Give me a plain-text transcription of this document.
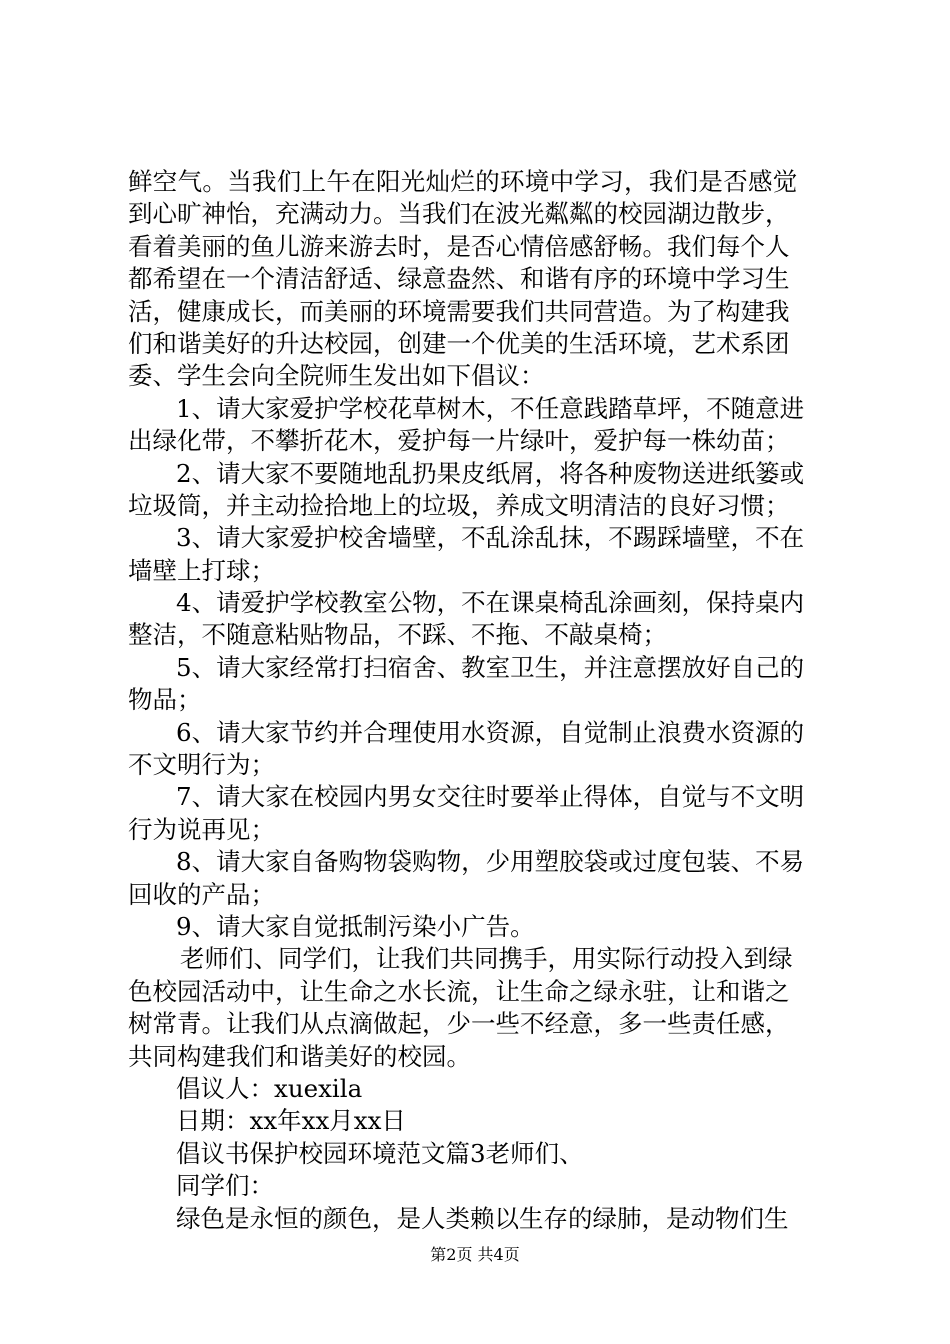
鲜空气。当我们上午在阳光灿烂的环境中学习，我们是否感觉
到心旷神怡，充满动力。当我们在波光粼粼的校园湖边散步，
看着美丽的鱼儿游来游去时，是否心情倍感舒畅。我们每个人
都希望在一个清洁舒适、绿意盎然、和谐有序的环境中学习生
活，健康成长，而美丽的环境需要我们共同营造。为了构建我
们和谐美好的升达校园，创建一个优美的生活环境，艺术系团
委、学生会向全院师生发出如下倡议：
1、请大家爱护学校花草树木，不任意践踏草坪，不随意进
出绿化带，不攀折花木，爱护每一片绿叶，爱护每一株幼苗；
2、请大家不要随地乱扔果皮纸屑，将各种废物送进纸篓或
垃圾筒，并主动捡拾地上的垃圾，养成文明清洁的良好习惯；
3、请大家爱护校舍墙壁，不乱涂乱抹，不踢踩墙壁，不在
墙壁上打球；
4、请爱护学校教室公物，不在课桌椅乱涂画刻，保持桌内
整洁，不随意粘贴物品，不踩、不拖、不敲桌椅；
5、请大家经常打扫宿舍、教室卫生，并注意摆放好自己的
物品；
6、请大家节约并合理使用水资源，自觉制止浪费水资源的
不文明行为；
7、请大家在校园内男女交往时要举止得体，自觉与不文明
行为说再见；
8、请大家自备购物袋购物，少用塑胶袋或过度包装、不易
回收的产品；
9、请大家自觉抵制污染小广告。
老师们、同学们，让我们共同携手，用实际行动投入到绿
色校园活动中，让生命之水长流，让生命之绿永驻，让和谐之
树常青。让我们从点滴做起，少一些不经意，多一些责任感，
共同构建我们和谐美好的校园。
倡议人：xuexila
日期：xx年xx月xx日
倡议书保护校园环境范文篇3老师们、
同学们：
绿色是永恒的颜色，是人类赖以生存的绿肺，是动物们生
第2页 共4页
